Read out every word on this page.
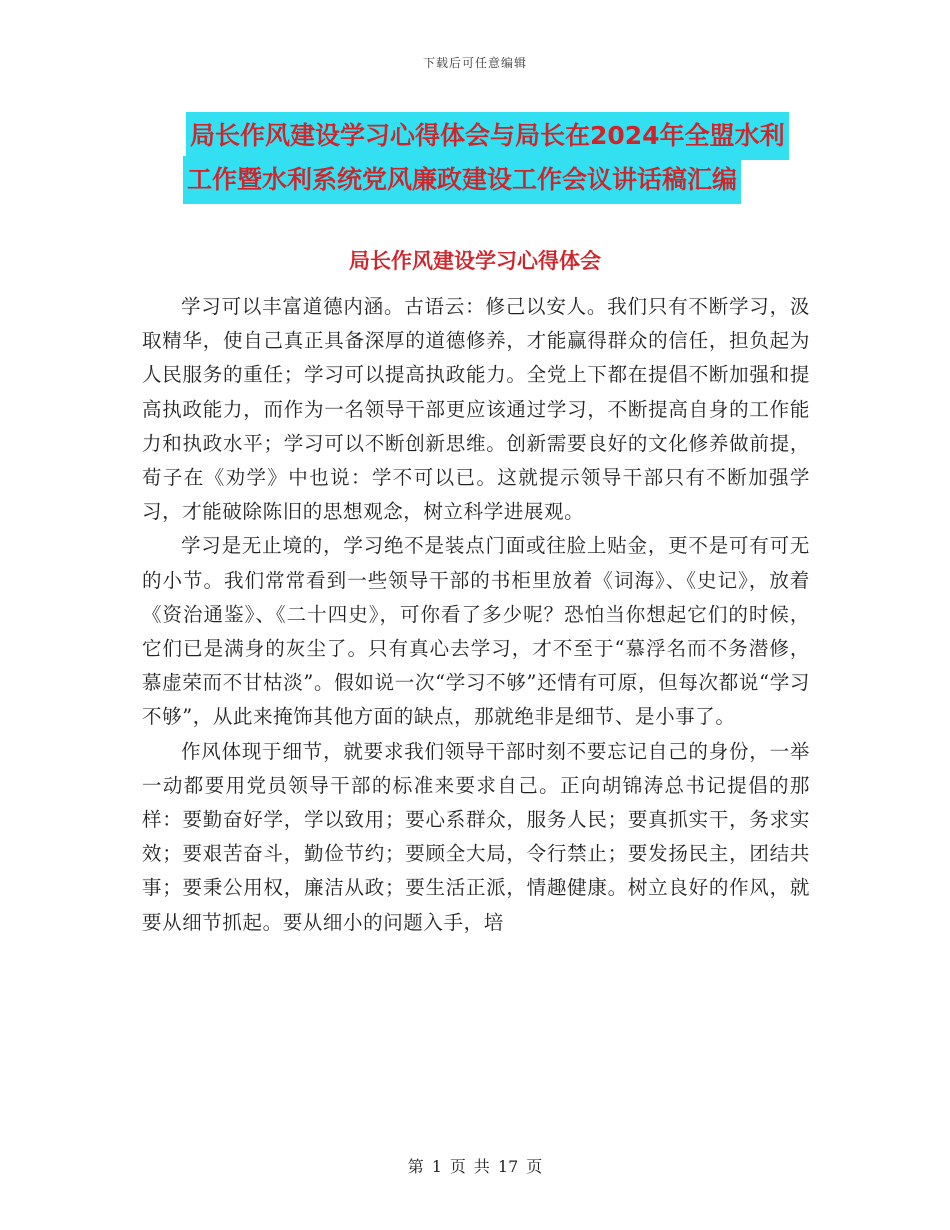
下载后可任意编辑
局长作风建设学习心得体会与局长在2024年全盟水利
工作暨水利系统党风廉政建设工作会议讲话稿汇编
局长作风建设学习心得体会

学习可以丰富道德内涵。古语云：修己以安人。我们只有不断学习，汲取精华，使自己真正具备深厚的道德修养，才能赢得群众的信任，担负起为人民服务的重任；学习可以提高执政能力。全党上下都在提倡不断加强和提高执政能力，而作为一名领导干部更应该通过学习，不断提高自身的工作能力和执政水平；学习可以不断创新思维。创新需要良好的文化修养做前提，荀子在《劝学》中也说：学不可以已。这就提示领导干部只有不断加强学习，才能破除陈旧的思想观念，树立科学进展观。

学习是无止境的，学习绝不是装点门面或往脸上贴金，更不是可有可无的小节。我们常常看到一些领导干部的书柜里放着《词海》、《史记》，放着《资治通鉴》、《二十四史》，可你看了多少呢？恐怕当你想起它们的时候，它们已是满身的灰尘了。只有真心去学习，才不至于“慕浮名而不务潜修，慕虚荣而不甘枯淡”。假如说一次“学习不够”还情有可原，但每次都说“学习不够”，从此来掩饰其他方面的缺点，那就绝非是细节、是小事了。

作风体现于细节，就要求我们领导干部时刻不要忘记自己的身份，一举一动都要用党员领导干部的标准来要求自己。正向胡锦涛总书记提倡的那样：要勤奋好学，学以致用；要心系群众，服务人民；要真抓实干，务求实效；要艰苦奋斗，勤俭节约；要顾全大局，令行禁止；要发扬民主，团结共事；要秉公用权，廉洁从政；要生活正派，情趣健康。树立良好的作风，就要从细节抓起。要从细小的问题入手，培

第 1 页 共 17 页
